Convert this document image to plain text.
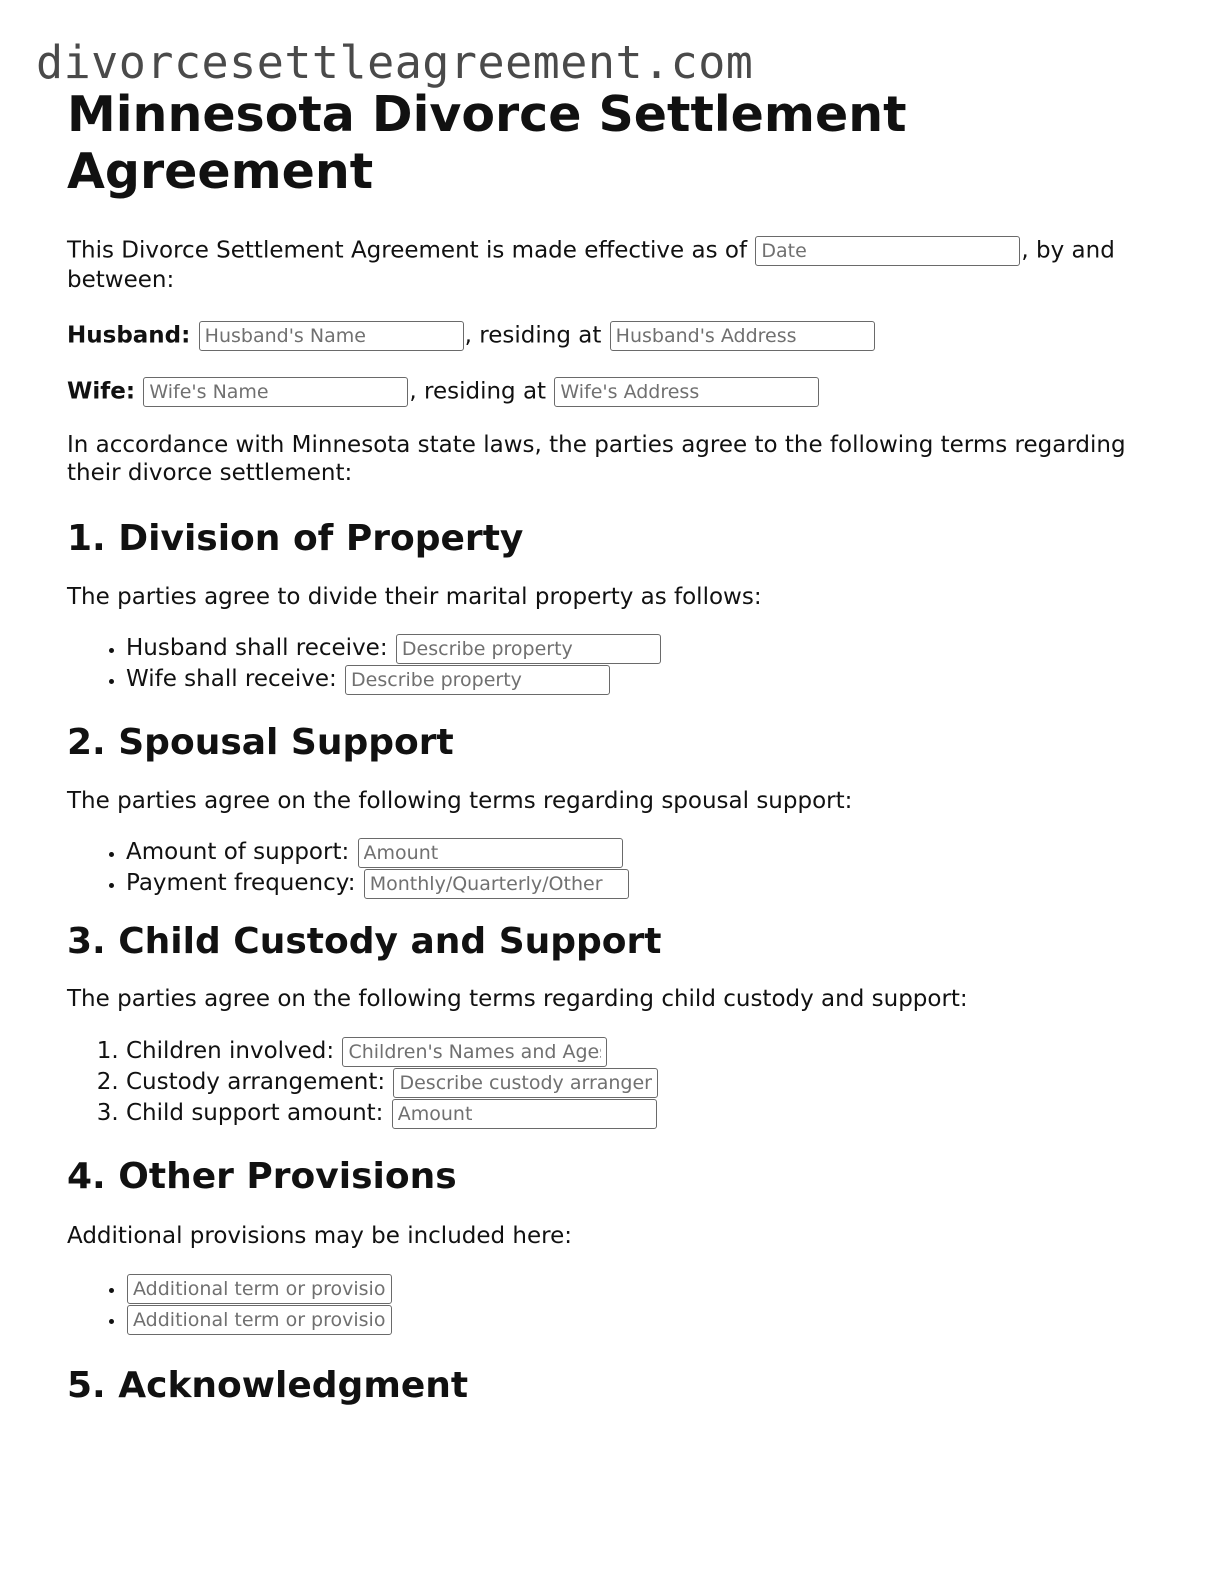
divorcesettleagreement.com
Minnesota Divorce Settlement Agreement

This Divorce Settlement Agreement is made effective as of Date	, by and between:

Husband: Husband's Name	, residing at Husband's Address

Wife: Wife's Name	, residing at Wife's Address

In accordance with Minnesota state laws, the parties agree to the following terms regarding their divorce settlement:

1. Division of Property

The parties agree to divide their marital property as follows:

• Husband shall receive: Describe property
• Wife shall receive: Describe property
2. Spousal Support

The parties agree on the following terms regarding spousal support:

• Amount of support: Amount
• Payment frequency: Monthly/Quarterly/Other
3. Child Custody and Support

The parties agree on the following terms regarding child custody and support:

1. Children involved: Children's Names and Ages
2. Custody arrangement: Describe custody arrangement
3. Child support amount: Amount
4. Other Provisions

Additional provisions may be included here:

• Additional term or provision
• Additional term or provision
5. Acknowledgment
